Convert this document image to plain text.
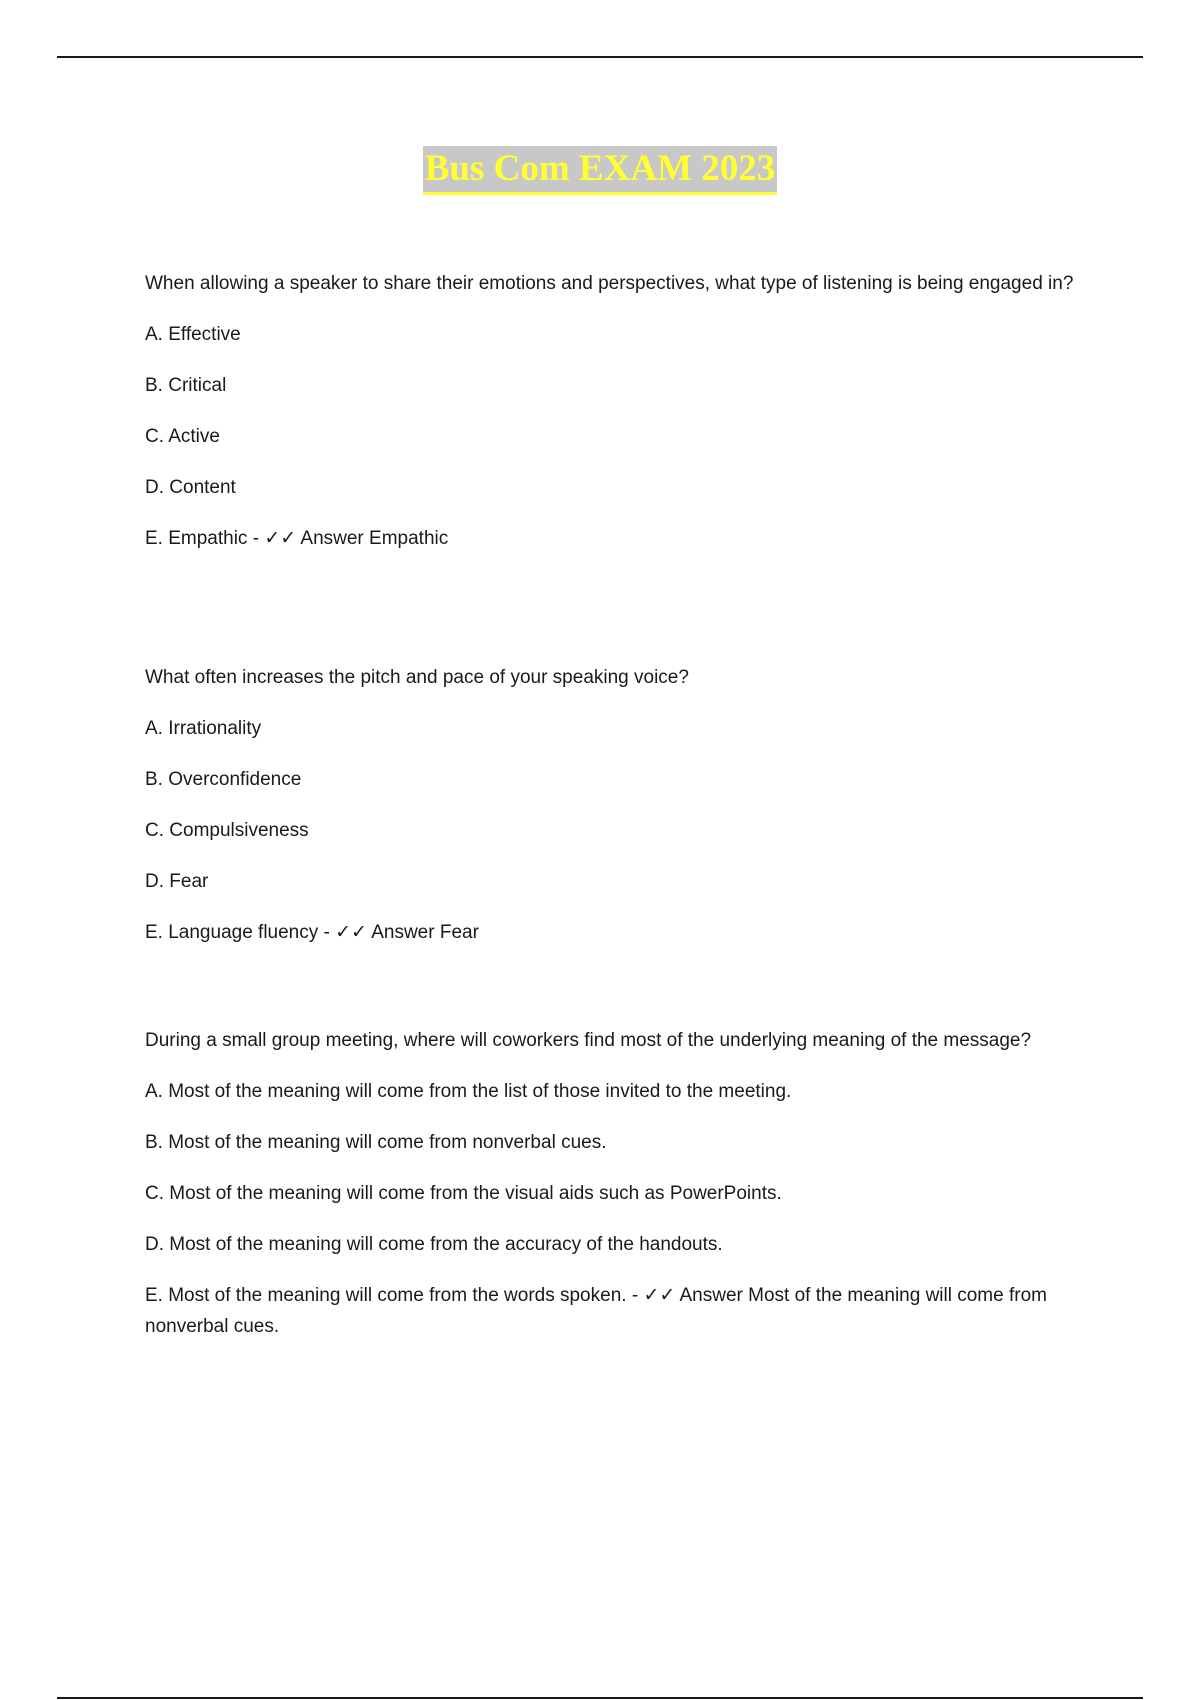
Bus Com EXAM 2023
When allowing a speaker to share their emotions and perspectives, what type of listening is being engaged in?
A. Effective
B. Critical
C. Active
D. Content
E. Empathic - ✓✓ Answer Empathic
What often increases the pitch and pace of your speaking voice?
A. Irrationality
B. Overconfidence
C. Compulsiveness
D. Fear
E. Language fluency - ✓✓ Answer Fear
During a small group meeting, where will coworkers find most of the underlying meaning of the message?
A. Most of the meaning will come from the list of those invited to the meeting.
B. Most of the meaning will come from nonverbal cues.
C. Most of the meaning will come from the visual aids such as PowerPoints.
D. Most of the meaning will come from the accuracy of the handouts.
E. Most of the meaning will come from the words spoken. - ✓✓ Answer Most of the meaning will come from nonverbal cues.
